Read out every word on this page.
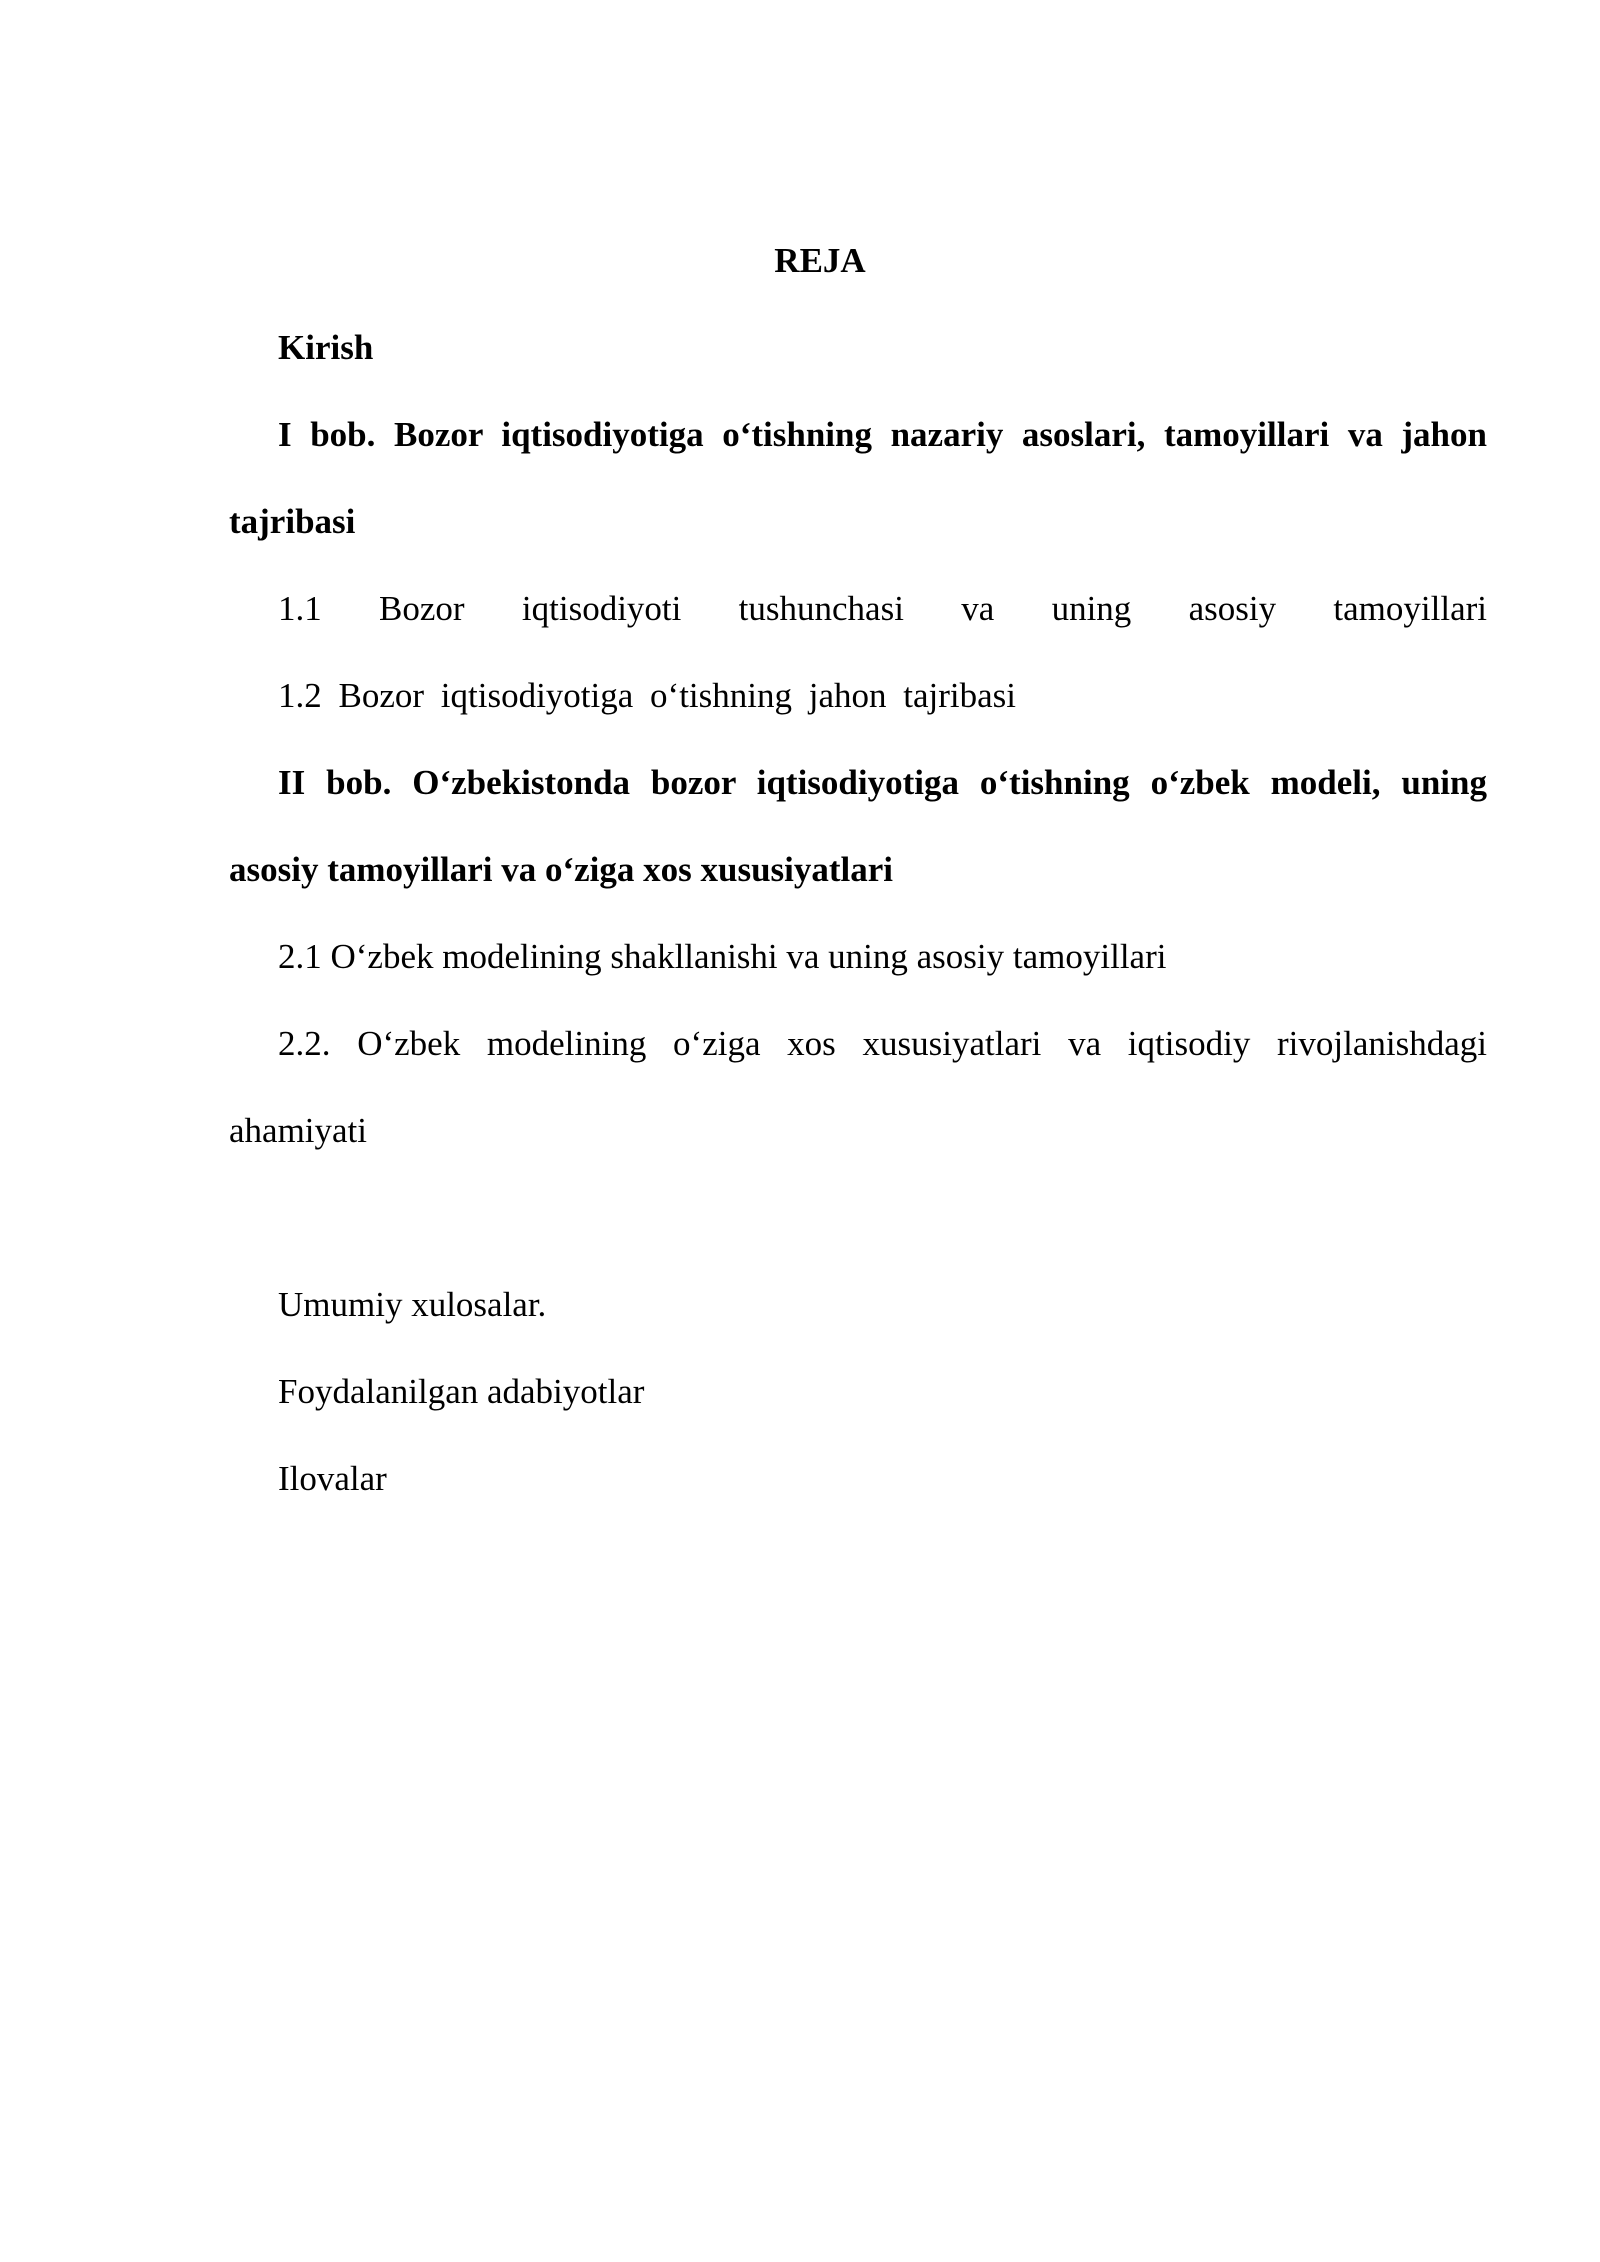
REJA
Kirish
I bob. Bozor iqtisodiyotiga o‘tishning nazariy asoslari, tamoyillari va jahon
tajribasi
1.1 Bozor iqtisodiyoti tushunchasi va uning asosiy tamoyillari
1.2 Bozor iqtisodiyotiga o‘tishning jahon tajribasi
II bob. O‘zbekistonda bozor iqtisodiyotiga o‘tishning o‘zbek modeli, uning
asosiy tamoyillari va o‘ziga xos xususiyatlari
2.1 O‘zbek modelining shakllanishi va uning asosiy tamoyillari
2.2. O‘zbek modelining o‘ziga xos xususiyatlari va iqtisodiy rivojlanishdagi
ahamiyati
Umumiy xulosalar.
Foydalanilgan adabiyotlar
Ilovalar
